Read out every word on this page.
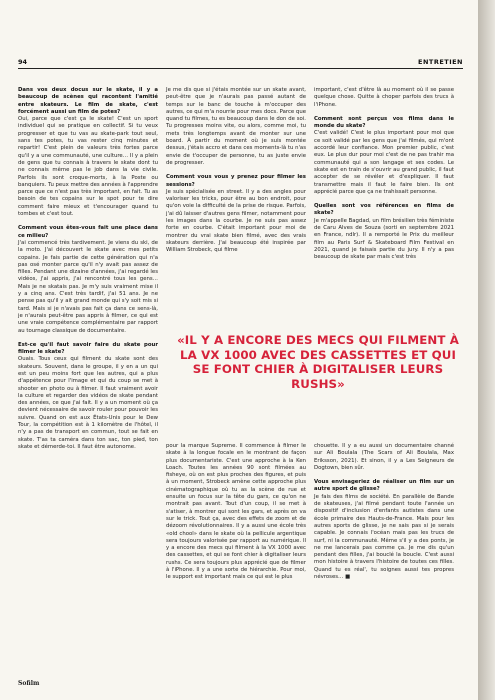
94	ENTRETIEN

Dans vos deux docus sur le skate, il y a beaucoup de scènes qui racontent l'amitié entre skateurs. Le film de skate, c'est forcément aussi un film de potes?

Oui, parce que c'est ça le skate! C'est un sport individuel qui se pratique en collectif. Si tu veux progresser et que tu vas au skate-park tout seul, sans tes potes, tu vas rester cinq minutes et repartir! C'est plein de valeurs très fortes parce qu'il y a une communauté, une culture… Il y a plein de gens que tu connais à travers le skate dont tu ne connais même pas le job dans la vie civile. Parfois ils sont croque-morts, à la Poste ou banquiers. Tu peux mettre des années à l'apprendre parce que ce n'est pas très important, en fait. Tu as besoin de tes copains sur le spot pour te dire comment faire mieux et t'encourager quand tu tombes et c'est tout.

Comment vous êtes-vous fait une place dans ce milieu?

J'ai commencé très tardivement. Je viens du ski, de la moto. J'ai découvert le skate avec mes petits copains. Je fais partie de cette génération qui n'a pas osé monter parce qu'il n'y avait pas assez de filles. Pendant une dizaine d'années, j'ai regardé les vidéos, j'ai appris, j'ai rencontré tous les gens… Mais je ne skatais pas. Je m'y suis vraiment mise il y a cinq ans. C'est très tardif, j'ai 51 ans. Je ne pense pas qu'il y ait grand monde qui s'y soit mis si tard. Mais si je n'avais pas fait ça dans ce sens-là, je n'aurais peut-être pas appris à filmer, ce qui est une vraie compétence complémentaire par rapport au tournage classique de documentaire.

Est-ce qu'il faut savoir faire du skate pour filmer le skate?

Ouais. Tous ceux qui filment du skate sont des skateurs. Souvent, dans le groupe, il y en a un qui est un peu moins fort que les autres, qui a plus d'appétence pour l'image et qui du coup se met à shooter en photo ou à filmer. Il faut vraiment avoir la culture et regarder des vidéos de skate pendant des années, ce que j'ai fait. Il y a un moment où ça devient nécessaire de savoir rouler pour pouvoir les suivre. Quand on est aux États-Unis pour le Dew Tour, la compétition est à 1 kilomètre de l'hôtel, il n'y a pas de transport en commun, tout se fait en skate. T'as ta caméra dans ton sac, ton pied, ton skate et démerde-toi. Il faut être autonome.

Je me dis que si j'étais montée sur un skate avant, peut-être que je n'aurais pas passé autant de temps sur le banc de touche à m'occuper des autres, ce qui m'a nourrie pour mes docs. Parce que quand tu filmes, tu es beaucoup dans le don de soi. Tu progresses moins vite, ou alors, comme moi, tu mets très longtemps avant de monter sur une board. À partir du moment où je suis montée dessus, j'étais accro et dans ces moments-là tu n'as envie de t'occuper de personne, tu as juste envie de progresser.

Comment vous vous y prenez pour filmer les sessions?

Je suis spécialisée en street. Il y a des angles pour valoriser les tricks, pour être au bon endroit, pour qu'on voie la difficulté de la prise de risque. Parfois, j'ai dû laisser d'autres gens filmer, notamment pour les images dans la courbe. Je ne suis pas assez forte en courbe. C'était important pour moi de montrer du vrai skate bien filmé, avec des vrais skateurs derrière. J'ai beaucoup été inspirée par William Strobeck, qui filme

important, c'est d'être là au moment où il se passe quelque chose. Quitte à choper parfois des trucs à l'iPhone.

Comment sont perçus vos films dans le monde du skate?

C'est validé! C'est le plus important pour moi que ce soit validé par les gens que j'ai filmés, qui m'ont accordé leur confiance. Mon premier public, c'est eux. Le plus dur pour moi c'est de ne pas trahir ma communauté qui a son langage et ses codes. Le skate est en train de s'ouvrir au grand public, il faut accepter de se révéler et d'expliquer. Il faut transmettre mais il faut le faire bien. Ils ont apprécié parce que ça ne trahissait personne.

Quelles sont vos références en films de skate?

Je m'appelle Bagdad, un film brésilien très féministe de Caru Alves de Souza (sorti en septembre 2021 en France, ndlr). Il a remporté le Prix du meilleur film au Paris Surf & Skateboard Film Festival en 2021, quand je faisais partie du jury. Il n'y a pas beaucoup de skate par mais c'est très

«IL Y A ENCORE DES MECS QUI FILMENT À LA VX 1000 AVEC DES CASSETTES ET QUI SE FONT CHIER À DIGITALISER LEURS RUSHS»

pour la marque Supreme. Il commence à filmer le skate à la longue focale en le montrant de façon plus documentariste. C'est une approche à la Ken Loach. Toutes les années 90 sont filmées au fisheye, où on est plus proches des figures, et puis à un moment, Strobeck amène cette approche plus cinématographique où tu as la scène de rue et ensuite un focus sur la tête du gars, ce qu'on ne montrait pas avant. Tout d'un coup, il se met à s'atiser, à montrer qui sont les gars, et après on va sur le trick. Tout ça, avec des effets de zoom et de dézoom révolutionnaires. Il y a aussi une école très «old chool» dans le skate où la pellicule argentique sera toujours valorisée par rapport au numérique. Il y a encore des mecs qui filment à la VX 1000 avec des cassettes, et qui se font chier à digitaliser leurs rushs. Ce sera toujours plus apprécié que de filmer à l'iPhone. Il y a une sorte de hiérarchie. Pour moi, le support est important mais ce qui est le plus

chouette. Il y a eu aussi un documentaire channé sur Ali Boulala (The Scars of Ali Boulala, Max Eriksson, 2021). Et sinon, il y a Les Seigneurs de Dogtown, bien sûr.

Vous envisageriez de réaliser un film sur un autre sport de glisse?

Je fais des films de société. En parallèle de Bande de skateuses, j'ai filmé pendant toute l'année un dispositif d'inclusion d'enfants autistes dans une école primaire des Hauts-de-France. Mais pour les autres sports de glisse, je ne sais pas si je serais capable. Je connais l'océan mais pas les trucs de surf, ni la communauté. Même s'il y a des ponts, je ne me lancerais pas comme ça. Je me dis qu'un pendant des filles, j'ai bouclé la boucle. C'est aussi mon histoire à travers l'histoire de toutes ces filles. Quand tu es réal', tu soignes aussi tes propres névroses… ■

Sofilm
